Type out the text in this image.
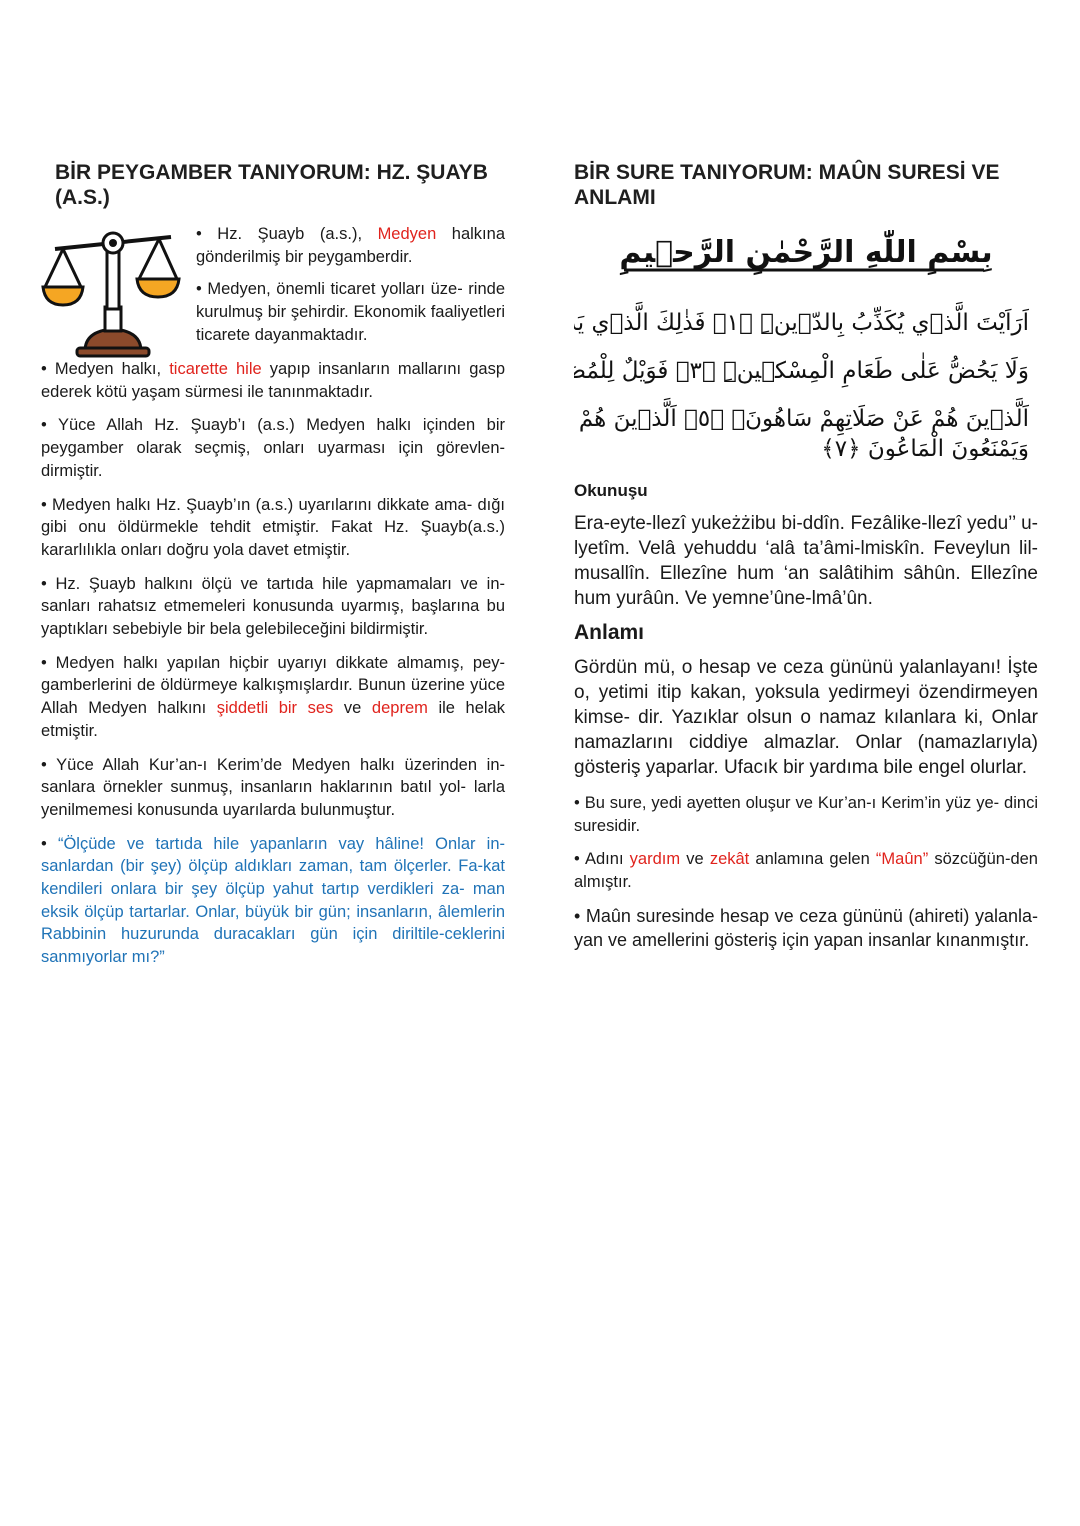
BİR PEYGAMBER TANIYORUM: HZ. ŞUAYB (A.S.)

• Hz. Şuayb (a.s.), Medyen halkına gönderilmiş bir peygamberdir.

• Medyen, önemli ticaret yolları üze- rinde kurulmuş bir şehirdir. Ekonomik faaliyetleri ticarete dayanmaktadır.

• Medyen halkı, ticarette hile yapıp insanların mallarını gasp ederek kötü yaşam sürmesi ile tanınmaktadır.

• Yüce Allah Hz. Şuayb’ı (a.s.) Medyen halkı içinden bir peygamber olarak seçmiş, onları uyarması için görevlen- dirmiştir.

• Medyen halkı Hz. Şuayb’ın (a.s.) uyarılarını dikkate ama- dığı gibi onu öldürmekle tehdit etmiştir. Fakat Hz. Şuayb(a.s.) kararlılıkla onları doğru yola davet etmiştir.

• Hz. Şuayb halkını ölçü ve tartıda hile yapmamaları ve in- sanları rahatsız etmemeleri konusunda uyarmış, başlarına bu yaptıkları sebebiyle bir bela gelebileceğini bildirmiştir.

• Medyen halkı yapılan hiçbir uyarıyı dikkate almamış, pey- gamberlerini de öldürmeye kalkışmışlardır. Bunun üzerine yüce Allah Medyen halkını şiddetli bir ses ve deprem ile helak etmiştir.

• Yüce Allah Kur’an-ı Kerim’de Medyen halkı üzerinden in- sanlara örnekler sunmuş, insanların haklarının batıl yol- larla yenilmemesi konusunda uyarılarda bulunmuştur.

• “Ölçüde ve tartıda hile yapanların vay hâline! Onlar in- sanlardan (bir şey) ölçüp aldıkları zaman, tam ölçerler. Fa-kat kendileri onlara bir şey ölçüp yahut tartıp verdikleri za- man eksik ölçüp tartarlar. Onlar, büyük bir gün; insanların, âlemlerin Rabbinin huzurunda duracakları gün için diriltile-ceklerini sanmıyorlar mı?”

BİR SURE TANIYORUM: MAÛN SURESİ VE ANLAMI
بِسْمِ اللّٰهِ الرَّحْمٰنِ الرَّح۪يمِ
اَرَاَيْتَ الَّذ۪ي يُكَذِّبُ بِالدّ۪ينِۜ ﴿١﴾ فَذٰلِكَ الَّذ۪ي يَ
وَلَا يَحُضُّ عَلٰى طَعَامِ الْمِسْك۪ينِۜ ﴿٣﴾ فَوَيْلٌ لِلْمُ
اَلَّذ۪ينَ هُمْ عَنْ صَلَاتِهِمْ سَاهُونَۙ ﴿٥﴾ اَلَّذ۪ينَ هُمْ
وَيَمْنَعُونَ الْمَاعُونَ ﴿٧﴾
Okunuşu

Era-eyte-llezî yukeżżibu bi-ddîn. Fezâlike-llezî yedu’’ u-lyetîm. Velâ yehuddu ‘alâ ta’âmi-lmiskîn. Feveylun lil- musallîn. Ellezîne hum ‘an salâtihim sâhûn. Ellezîne hum yurâûn. Ve yemne’ûne-lmâ’ûn.

Anlamı

Gördün mü, o hesap ve ceza gününü yalanlayanı! İşte o, yetimi itip kakan, yoksula yedirmeyi özendirmeyen kimse- dir. Yazıklar olsun o namaz kılanlara ki, Onlar namazlarını ciddiye almazlar. Onlar (namazlarıyla) gösteriş yaparlar. Ufacık bir yardıma bile engel olurlar.

• Bu sure, yedi ayetten oluşur ve Kur’an-ı Kerim’in yüz ye- dinci suresidir.

• Adını yardım ve zekât anlamına gelen “Maûn” sözcüğün-den almıştır.

• Maûn suresinde hesap ve ceza gününü (ahireti) yalanla- yan ve amellerini gösteriş için yapan insanlar kınanmıştır.
